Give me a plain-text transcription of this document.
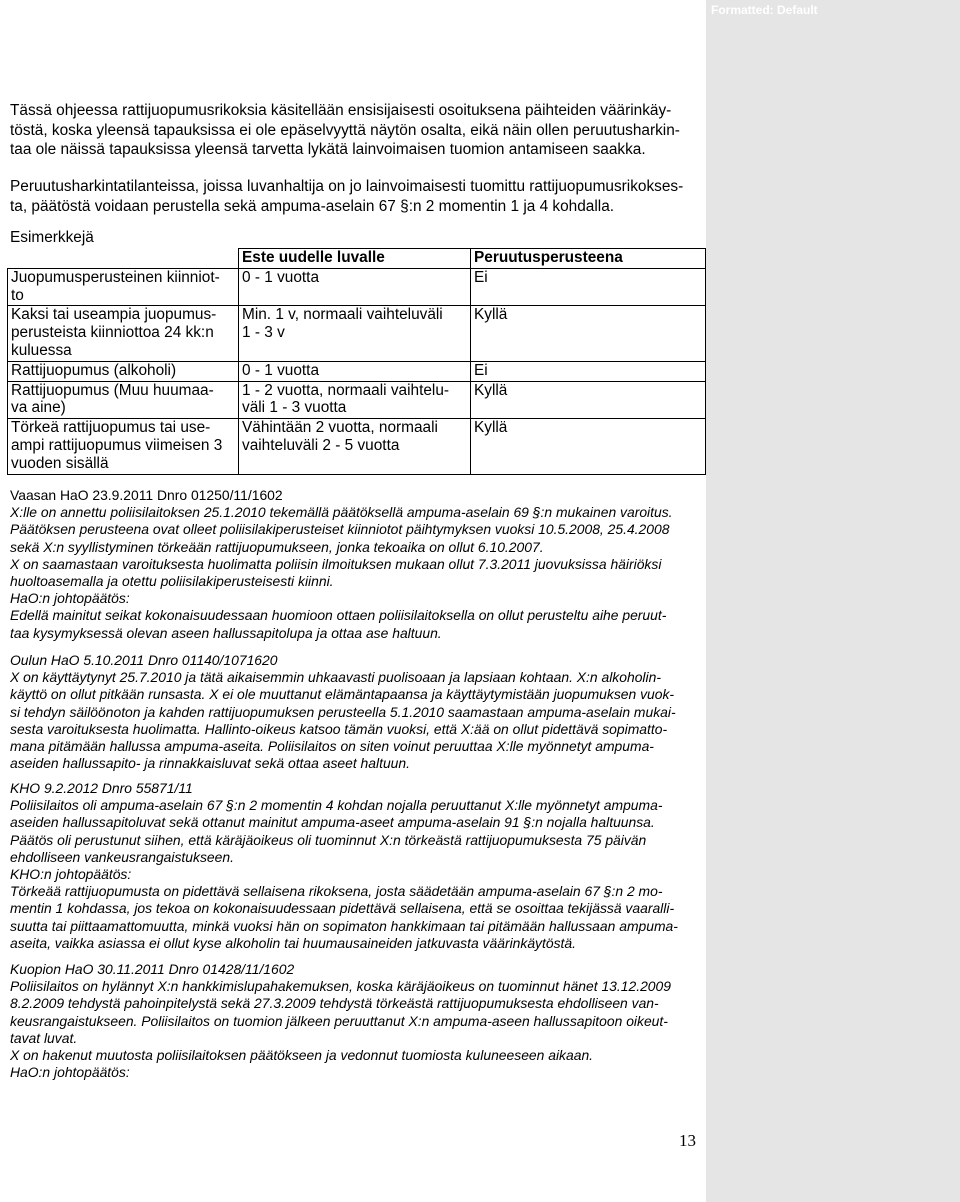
Formatted: Default
Tässä ohjeessa rattijuopumusrikoksia käsitellään ensisijaisesti osoituksena päihteiden väärinkäy-
töstä, koska yleensä tapauksissa ei ole epäselvyyttä näytön osalta, eikä näin ollen peruutusharkin-
taa ole näissä tapauksissa yleensä tarvetta lykätä lainvoimaisen tuomion antamiseen saakka.
Peruutusharkintatilanteissa, joissa luvanhaltija on jo lainvoimaisesti tuomittu rattijuopumusrikokses-
ta, päätöstä voidaan perustella sekä ampuma-aselain 67 §:n 2 momentin 1 ja 4 kohdalla.
Esimerkkejä
	Este uudelle luvalle	Peruutusperusteena

Juopumusperusteinen kiinniot-
to	0 - 1 vuotta	Ei

Kaksi tai useampia juopumus-
perusteista kiinniottoa 24 kk:n
kuluessa	Min. 1 v, normaali vaihteluväli
1 - 3 v	Kyllä
Rattijuopumus (alkoholi)	0 - 1 vuotta	Ei

Rattijuopumus (Muu huumaa-
va aine)	1 - 2 vuotta, normaali vaihtelu-
väli 1 - 3 vuotta	Kyllä

Törkeä rattijuopumus tai use-
ampi rattijuopumus viimeisen 3
vuoden sisällä	Vähintään 2 vuotta, normaali
vaihteluväli 2 - 5 vuotta	Kyllä
Vaasan HaO 23.9.2011 Dnro 01250/11/1602
X:lle on annettu poliisilaitoksen 25.1.2010 tekemällä päätöksellä ampuma-aselain 69 §:n mukainen varoitus.
Päätöksen perusteena ovat olleet poliisilakiperusteiset kiinniotot päihtymyksen vuoksi 10.5.2008, 25.4.2008
sekä X:n syyllistyminen törkeään rattijuopumukseen, jonka tekoaika on ollut 6.10.2007.
X on saamastaan varoituksesta huolimatta poliisin ilmoituksen mukaan ollut 7.3.2011 juovuksissa häiriöksi
huoltoasemalla ja otettu poliisilakiperusteisesti kiinni.
HaO:n johtopäätös:
Edellä mainitut seikat kokonaisuudessaan huomioon ottaen poliisilaitoksella on ollut perusteltu aihe peruut-
taa kysymyksessä olevan aseen hallussapitolupa ja ottaa ase haltuun.
Oulun HaO 5.10.2011 Dnro 01140/1071620
X on käyttäytynyt 25.7.2010 ja tätä aikaisemmin uhkaavasti puolisoaan ja lapsiaan kohtaan. X:n alkoholin-
käyttö on ollut pitkään runsasta. X ei ole muuttanut elämäntapaansa ja käyttäytymistään juopumuksen vuok-
si tehdyn säilöönoton ja kahden rattijuopumuksen perusteella 5.1.2010 saamastaan ampuma-aselain mukai-
sesta varoituksesta huolimatta. Hallinto-oikeus katsoo tämän vuoksi, että X:ää on ollut pidettävä sopimatto-
mana pitämään hallussa ampuma-aseita. Poliisilaitos on siten voinut peruuttaa X:lle myönnetyt ampuma-
aseiden hallussapito- ja rinnakkaisluvat sekä ottaa aseet haltuun.
KHO 9.2.2012 Dnro 55871/11
Poliisilaitos oli ampuma-aselain 67 §:n 2 momentin 4 kohdan nojalla peruuttanut X:lle myönnetyt ampuma-
aseiden hallussapitoluvat sekä ottanut mainitut ampuma-aseet ampuma-aselain 91 §:n nojalla haltuunsa.
Päätös oli perustunut siihen, että käräjäoikeus oli tuominnut X:n törkeästä rattijuopumuksesta 75 päivän
ehdolliseen vankeusrangaistukseen.
KHO:n johtopäätös:
Törkeää rattijuopumusta on pidettävä sellaisena rikoksena, josta säädetään ampuma-aselain 67 §:n 2 mo-
mentin 1 kohdassa, jos tekoa on kokonaisuudessaan pidettävä sellaisena, että se osoittaa tekijässä vaaralli-
suutta tai piittaamattomuutta, minkä vuoksi hän on sopimaton hankkimaan tai pitämään hallussaan ampuma-
aseita, vaikka asiassa ei ollut kyse alkoholin tai huumausaineiden jatkuvasta väärinkäytöstä.
Kuopion HaO 30.11.2011 Dnro 01428/11/1602
Poliisilaitos on hylännyt X:n hankkimislupahakemuksen, koska käräjäoikeus on tuominnut hänet 13.12.2009
8.2.2009 tehdystä pahoinpitelystä sekä 27.3.2009 tehdystä törkeästä rattijuopumuksesta ehdolliseen van-
keusrangaistukseen. Poliisilaitos on tuomion jälkeen peruuttanut X:n ampuma-aseen hallussapitoon oikeut-
tavat luvat.
X on hakenut muutosta poliisilaitoksen päätökseen ja vedonnut tuomiosta kuluneeseen aikaan.
HaO:n johtopäätös:
13
